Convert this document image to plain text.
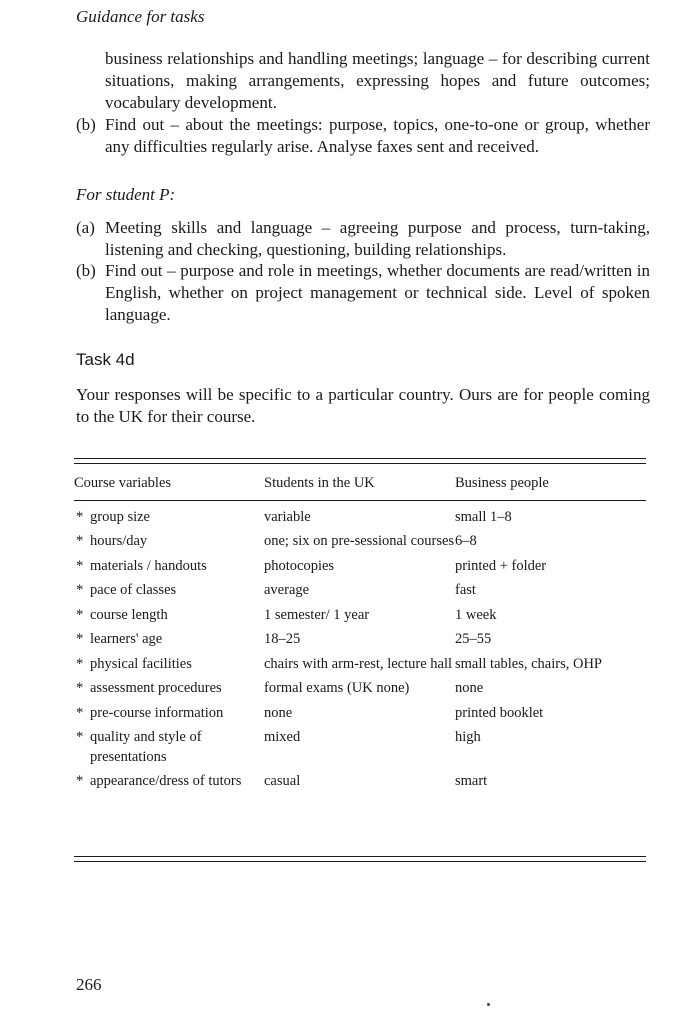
Guidance for tasks
business relationships and handling meetings; language – for describing current situations, making arrangements, expressing hopes and future outcomes; vocabulary development.
(b) Find out – about the meetings: purpose, topics, one-to-one or group, whether any difficulties regularly arise. Analyse faxes sent and received.
For student P:
(a) Meeting skills and language – agreeing purpose and process, turn-taking, listening and checking, questioning, building relationships.
(b) Find out – purpose and role in meetings, whether documents are read/written in English, whether on project management or technical side. Level of spoken language.
Task 4d
Your responses will be specific to a particular country. Ours are for people coming to the UK for their course.
Course variables	Students in the UK	Business people

* group size	variable	small 1–8

* hours/day	one; six on pre-sessional courses	6–8

* materials / handouts	photocopies	printed + folder

* pace of classes	average	fast

* course length	1 semester/ 1 year	1 week

* learners' age	18–25	25–55

* physical facilities	chairs with arm-rest, lecture hall	small tables, chairs, OHP

* assessment procedures	formal exams (UK none)	none

* pre-course information	none	printed booklet

* quality and style of presentations	mixed	high

* appearance/dress of tutors	casual	smart
266
